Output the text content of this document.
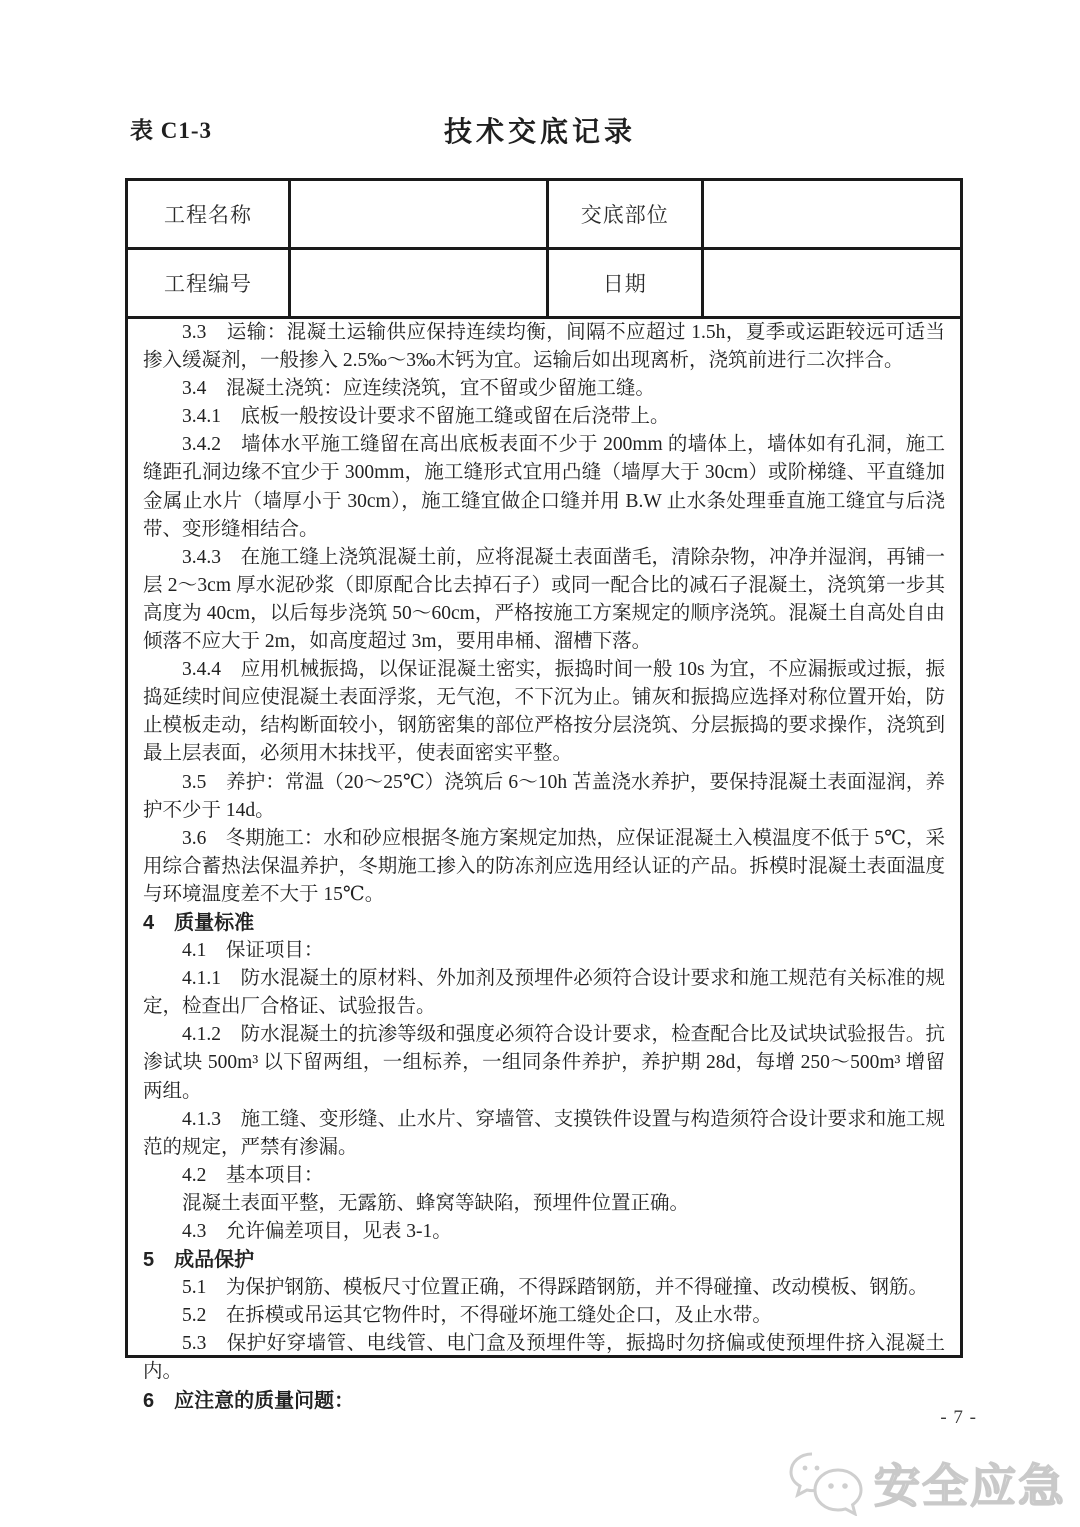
表 C1-3	技术交底记录
工程名称		交底部位	
工程编号		日期	
3.3　运输：混凝土运输供应保持连续均衡，间隔不应超过 1.5h，夏季或运距较远可适当掺入缓凝剂，一般掺入 2.5‰～3‰木钙为宜。运输后如出现离析，浇筑前进行二次拌合。
3.4　混凝土浇筑：应连续浇筑，宜不留或少留施工缝。
3.4.1　底板一般按设计要求不留施工缝或留在后浇带上。
3.4.2　墙体水平施工缝留在高出底板表面不少于 200mm 的墙体上，墙体如有孔洞，施工缝距孔洞边缘不宜少于 300mm，施工缝形式宜用凸缝（墙厚大于 30cm）或阶梯缝、平直缝加金属止水片（墙厚小于 30cm），施工缝宜做企口缝并用 B.W 止水条处理垂直施工缝宜与后浇带、变形缝相结合。
3.4.3　在施工缝上浇筑混凝土前，应将混凝土表面凿毛，清除杂物，冲净并湿润，再铺一层 2～3cm 厚水泥砂浆（即原配合比去掉石子）或同一配合比的减石子混凝土，浇筑第一步其高度为 40cm，以后每步浇筑 50～60cm，严格按施工方案规定的顺序浇筑。混凝土自高处自由倾落不应大于 2m，如高度超过 3m，要用串桶、溜槽下落。
3.4.4　应用机械振捣，以保证混凝土密实，振捣时间一般 10s 为宜，不应漏振或过振，振捣延续时间应使混凝土表面浮浆，无气泡，不下沉为止。铺灰和振捣应选择对称位置开始，防止模板走动，结构断面较小，钢筋密集的部位严格按分层浇筑、分层振捣的要求操作，浇筑到最上层表面，必须用木抹找平，使表面密实平整。
3.5　养护：常温（20～25℃）浇筑后 6～10h 苫盖浇水养护，要保持混凝土表面湿润，养护不少于 14d。
3.6　冬期施工：水和砂应根据冬施方案规定加热，应保证混凝土入模温度不低于 5℃，采用综合蓄热法保温养护，冬期施工掺入的防冻剂应选用经认证的产品。拆模时混凝土表面温度与环境温度差不大于 15℃。
4　质量标准
4.1　保证项目：
4.1.1　防水混凝土的原材料、外加剂及预埋件必须符合设计要求和施工规范有关标准的规定，检查出厂合格证、试验报告。
4.1.2　防水混凝土的抗渗等级和强度必须符合设计要求，检查配合比及试块试验报告。抗渗试块 500m³ 以下留两组，一组标养，一组同条件养护，养护期 28d，每增 250～500m³ 增留两组。
4.1.3　施工缝、变形缝、止水片、穿墙管、支摸铁件设置与构造须符合设计要求和施工规范的规定，严禁有渗漏。
4.2　基本项目：
混凝土表面平整，无露筋、蜂窝等缺陷，预埋件位置正确。
4.3　允许偏差项目，见表 3-1。
5　成品保护
5.1　为保护钢筋、模板尺寸位置正确，不得踩踏钢筋，并不得碰撞、改动模板、钢筋。
5.2　在拆模或吊运其它物件时，不得碰坏施工缝处企口，及止水带。
5.3　保护好穿墙管、电线管、电门盒及预埋件等，振捣时勿挤偏或使预埋件挤入混凝土内。
6　应注意的质量问题：
- 7 -
安全应急
